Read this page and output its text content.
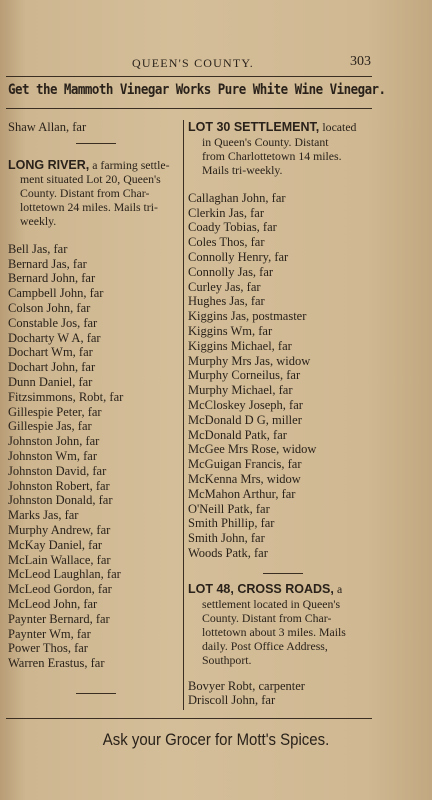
QUEEN'S COUNTY.	303
Get the Mammoth Vinegar Works Pure White Wine Vinegar.
Shaw Allan, far
LONG RIVER, a farming settle-
ment situated Lot 20, Queen's
County. Distant from Char-
lottetown 24 miles. Mails tri-
weekly.
Bell Jas, far
Bernard Jas, far
Bernard John, far
Campbell John, far
Colson John, far
Constable Jos, far
Docharty W A, far
Dochart Wm, far
Dochart John, far
Dunn Daniel, far
Fitzsimmons, Robt, far
Gillespie Peter, far
Gillespie Jas, far
Johnston John, far
Johnston Wm, far
Johnston David, far
Johnston Robert, far
Johnston Donald, far
Marks Jas, far
Murphy Andrew, far
McKay Daniel, far
McLain Wallace, far
McLeod Laughlan, far
McLeod Gordon, far
McLeod John, far
Paynter Bernard, far
Paynter Wm, far
Power Thos, far
Warren Erastus, far
LOT 30 SETTLEMENT, located
in Queen's County. Distant
from Charlottetown 14 miles.
Mails tri-weekly.
Callaghan John, far
Clerkin Jas, far
Coady Tobias, far
Coles Thos, far
Connolly Henry, far
Connolly Jas, far
Curley Jas, far
Hughes Jas, far
Kiggins Jas, postmaster
Kiggins Wm, far
Kiggins Michael, far
Murphy Mrs Jas, widow
Murphy Corneilus, far
Murphy Michael, far
McCloskey Joseph, far
McDonald D G, miller
McDonald Patk, far
McGee Mrs Rose, widow
McGuigan Francis, far
McKenna Mrs, widow
McMahon Arthur, far
O'Neill Patk, far
Smith Phillip, far
Smith John, far
Woods Patk, far
LOT 48, CROSS ROADS, a
settlement located in Queen's
County. Distant from Char-
lottetown about 3 miles. Mails
daily. Post Office Address,
Southport.
Bovyer Robt, carpenter
Driscoll John, far
Ask your Grocer for Mott's Spices.
